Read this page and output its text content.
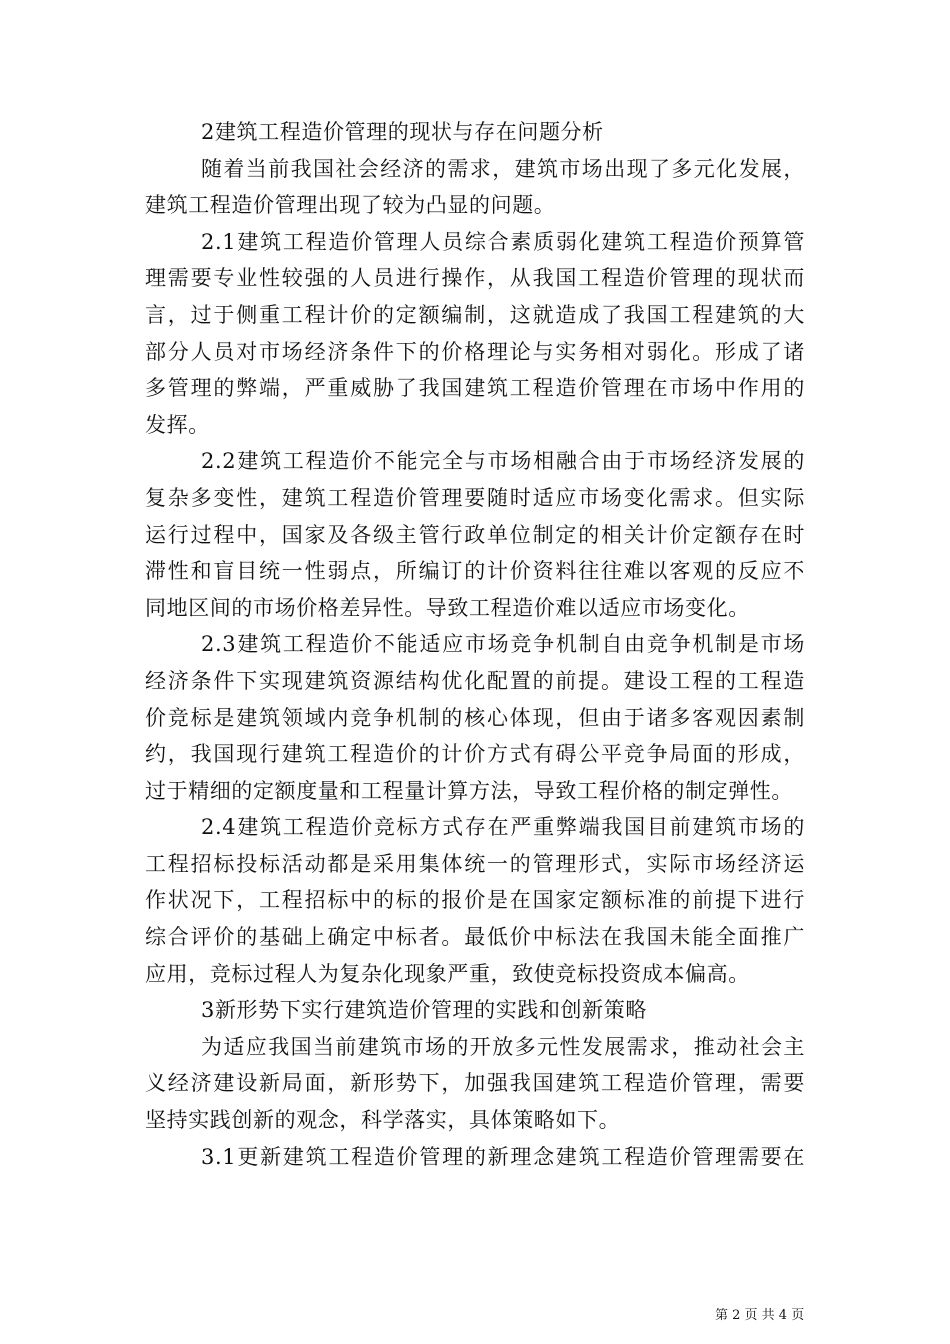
2建筑工程造价管理的现状与存在问题分析
随着当前我国社会经济的需求，建筑市场出现了多元化发展，
建筑工程造价管理出现了较为凸显的问题。
2.1建筑工程造价管理人员综合素质弱化建筑工程造价预算管
理需要专业性较强的人员进行操作，从我国工程造价管理的现状而
言，过于侧重工程计价的定额编制，这就造成了我国工程建筑的大
部分人员对市场经济条件下的价格理论与实务相对弱化。形成了诸
多管理的弊端，严重威胁了我国建筑工程造价管理在市场中作用的
发挥。
2.2建筑工程造价不能完全与市场相融合由于市场经济发展的
复杂多变性，建筑工程造价管理要随时适应市场变化需求。但实际
运行过程中，国家及各级主管行政单位制定的相关计价定额存在时
滞性和盲目统一性弱点，所编订的计价资料往往难以客观的反应不
同地区间的市场价格差异性。导致工程造价难以适应市场变化。
2.3建筑工程造价不能适应市场竞争机制自由竞争机制是市场
经济条件下实现建筑资源结构优化配置的前提。建设工程的工程造
价竞标是建筑领域内竞争机制的核心体现，但由于诸多客观因素制
约，我国现行建筑工程造价的计价方式有碍公平竞争局面的形成，
过于精细的定额度量和工程量计算方法，导致工程价格的制定弹性。
2.4建筑工程造价竞标方式存在严重弊端我国目前建筑市场的
工程招标投标活动都是采用集体统一的管理形式，实际市场经济运
作状况下，工程招标中的标的报价是在国家定额标准的前提下进行
综合评价的基础上确定中标者。最低价中标法在我国未能全面推广
应用，竞标过程人为复杂化现象严重，致使竞标投资成本偏高。
3新形势下实行建筑造价管理的实践和创新策略
为适应我国当前建筑市场的开放多元性发展需求，推动社会主
义经济建设新局面，新形势下，加强我国建筑工程造价管理，需要
坚持实践创新的观念，科学落实，具体策略如下。
3.1更新建筑工程造价管理的新理念建筑工程造价管理需要在
第 2 页 共 4 页
